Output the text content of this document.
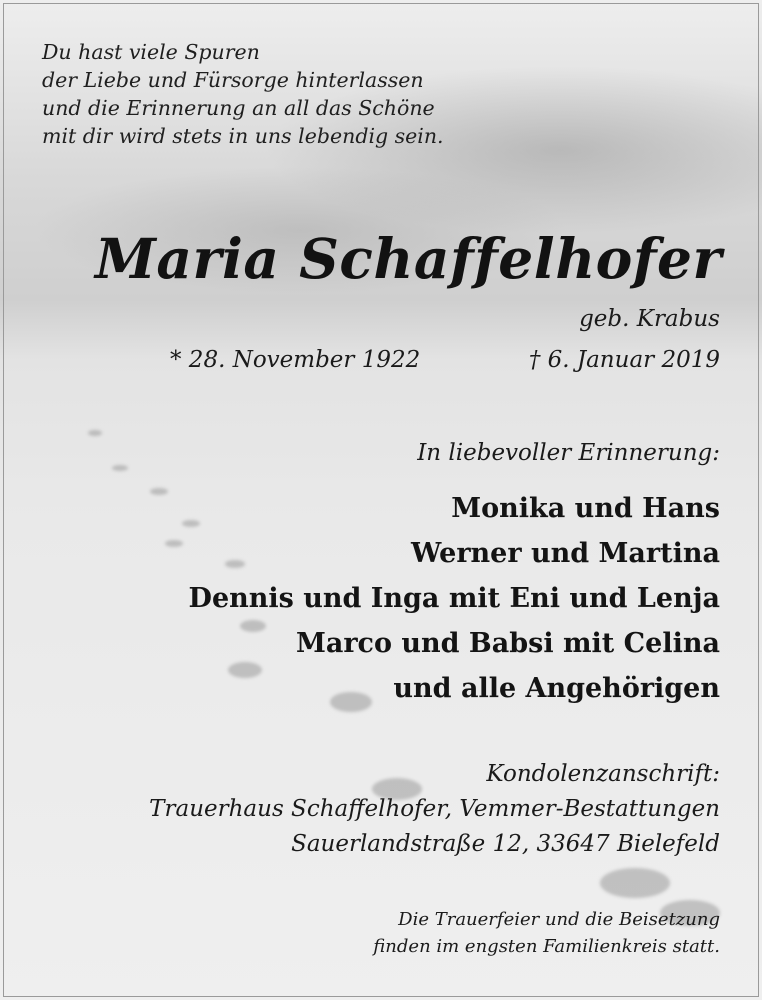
Du hast viele Spuren
der Liebe und Fürsorge hinterlassen
und die Erinnerung an all das Schöne
mit dir wird stets in uns lebendig sein.
Maria Schaffelhofer
geb. Krabus
* 28. November 1922	† 6. Januar 2019
In liebevoller Erinnerung:
Monika und Hans
Werner und Martina
Dennis und Inga mit Eni und Lenja
Marco und Babsi mit Celina
und alle Angehörigen
Kondolenzanschrift:
Trauerhaus Schaffelhofer, Vemmer-Bestattungen
Sauerlandstraße 12, 33647 Bielefeld
Die Trauerfeier und die Beisetzung
finden im engsten Familienkreis statt.
